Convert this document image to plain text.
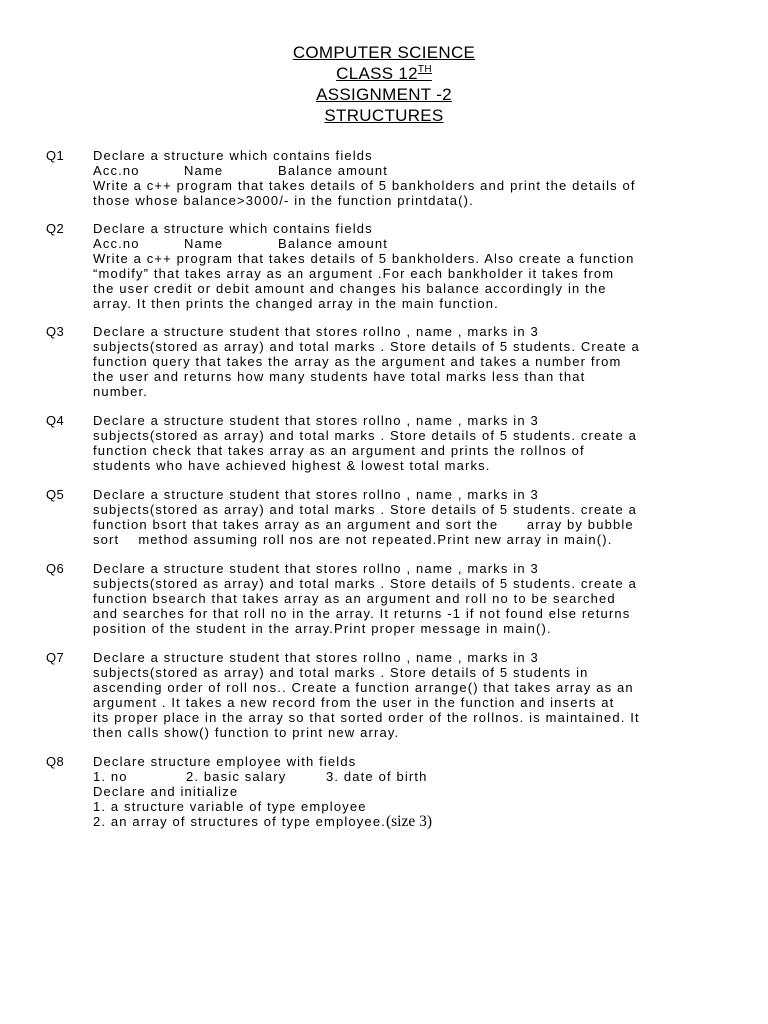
COMPUTER SCIENCE
CLASS 12TH
ASSIGNMENT -2
STRUCTURES
Q1 Declare a structure which contains fields
Acc.no	Name	Balance amount
Write a c++ program that takes details of 5 bankholders and print the details of
those whose balance>3000/- in the function printdata().
Q2 Declare a structure which contains fields
Acc.no	Name	Balance amount
Write a c++ program that takes details of 5 bankholders. Also create a function
“modify” that takes array as an argument .For each bankholder it takes from
the user credit or debit amount and changes his balance accordingly in the
array. It then prints the changed array in the main function.
Q3 Declare a structure student that stores rollno , name , marks in 3
subjects(stored as array) and total marks . Store details of 5 students. Create a
function query that takes the array as the argument and takes a number from
the user and returns how many students have total marks less than that
number.
Q4 Declare a structure student that stores rollno , name , marks in 3
subjects(stored as array) and total marks . Store details of 5 students. create a
function check that takes array as an argument and prints the rollnos of
students who have achieved highest & lowest total marks.
Q5 Declare a structure student that stores rollno , name , marks in 3
subjects(stored as array) and total marks . Store details of 5 students. create a
function bsort that takes array as an argument and sort the      array by bubble
sort    method assuming roll nos are not repeated.Print new array in main().
Q6 Declare a structure student that stores rollno , name , marks in 3
subjects(stored as array) and total marks . Store details of 5 students. create a
function bsearch that takes array as an argument and roll no to be searched
and searches for that roll no in the array. It returns -1 if not found else returns
position of the student in the array.Print proper message in main().
Q7 Declare a structure student that stores rollno , name , marks in 3
subjects(stored as array) and total marks . Store details of 5 students in
ascending order of roll nos.. Create a function arrange() that takes array as an
argument . It takes a new record from the user in the function and inserts at
its proper place in the array so that sorted order of the rollnos. is maintained. It
then calls show() function to print new array.
Q8 Declare structure employee with fields
1. no	2. basic salary	3. date of birth
Declare and initialize
1. a structure variable of type employee
2. an array of structures of type employee.(size 3)
